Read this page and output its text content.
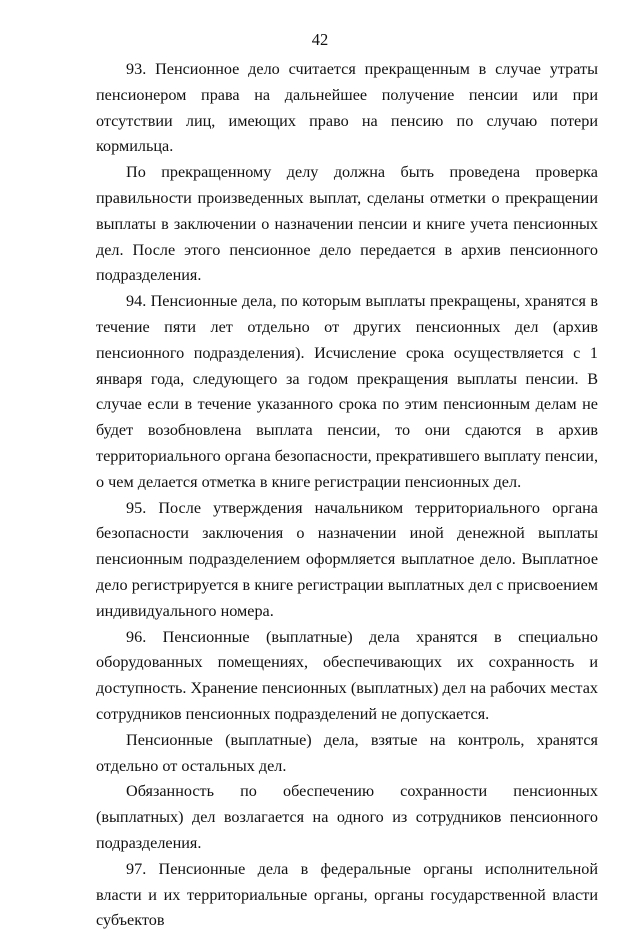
42

93. Пенсионное дело считается прекращенным в случае утраты пенсионером права на дальнейшее получение пенсии или при отсутствии лиц, имеющих право на пенсию по случаю потери кормильца.

По прекращенному делу должна быть проведена проверка правильности произведенных выплат, сделаны отметки о прекращении выплаты в заключении о назначении пенсии и книге учета пенсионных дел. После этого пенсионное дело передается в архив пенсионного подразделения.

94. Пенсионные дела, по которым выплаты прекращены, хранятся в течение пяти лет отдельно от других пенсионных дел (архив пенсионного подразделения). Исчисление срока осуществляется с 1 января года, следующего за годом прекращения выплаты пенсии. В случае если в течение указанного срока по этим пенсионным делам не будет возобновлена выплата пенсии, то они сдаются в архив территориального органа безопасности, прекратившего выплату пенсии, о чем делается отметка в книге регистрации пенсионных дел.

95. После утверждения начальником территориального органа безопасности заключения о назначении иной денежной выплаты пенсионным подразделением оформляется выплатное дело. Выплатное дело регистрируется в книге регистрации выплатных дел с присвоением индивидуального номера.

96. Пенсионные (выплатные) дела хранятся в специально оборудованных помещениях, обеспечивающих их сохранность и доступность. Хранение пенсионных (выплатных) дел на рабочих местах сотрудников пенсионных подразделений не допускается.

Пенсионные (выплатные) дела, взятые на контроль, хранятся отдельно от остальных дел.

Обязанность по обеспечению сохранности пенсионных (выплатных) дел возлагается на одного из сотрудников пенсионного подразделения.

97. Пенсионные дела в федеральные органы исполнительной власти и их территориальные органы, органы государственной власти субъектов
